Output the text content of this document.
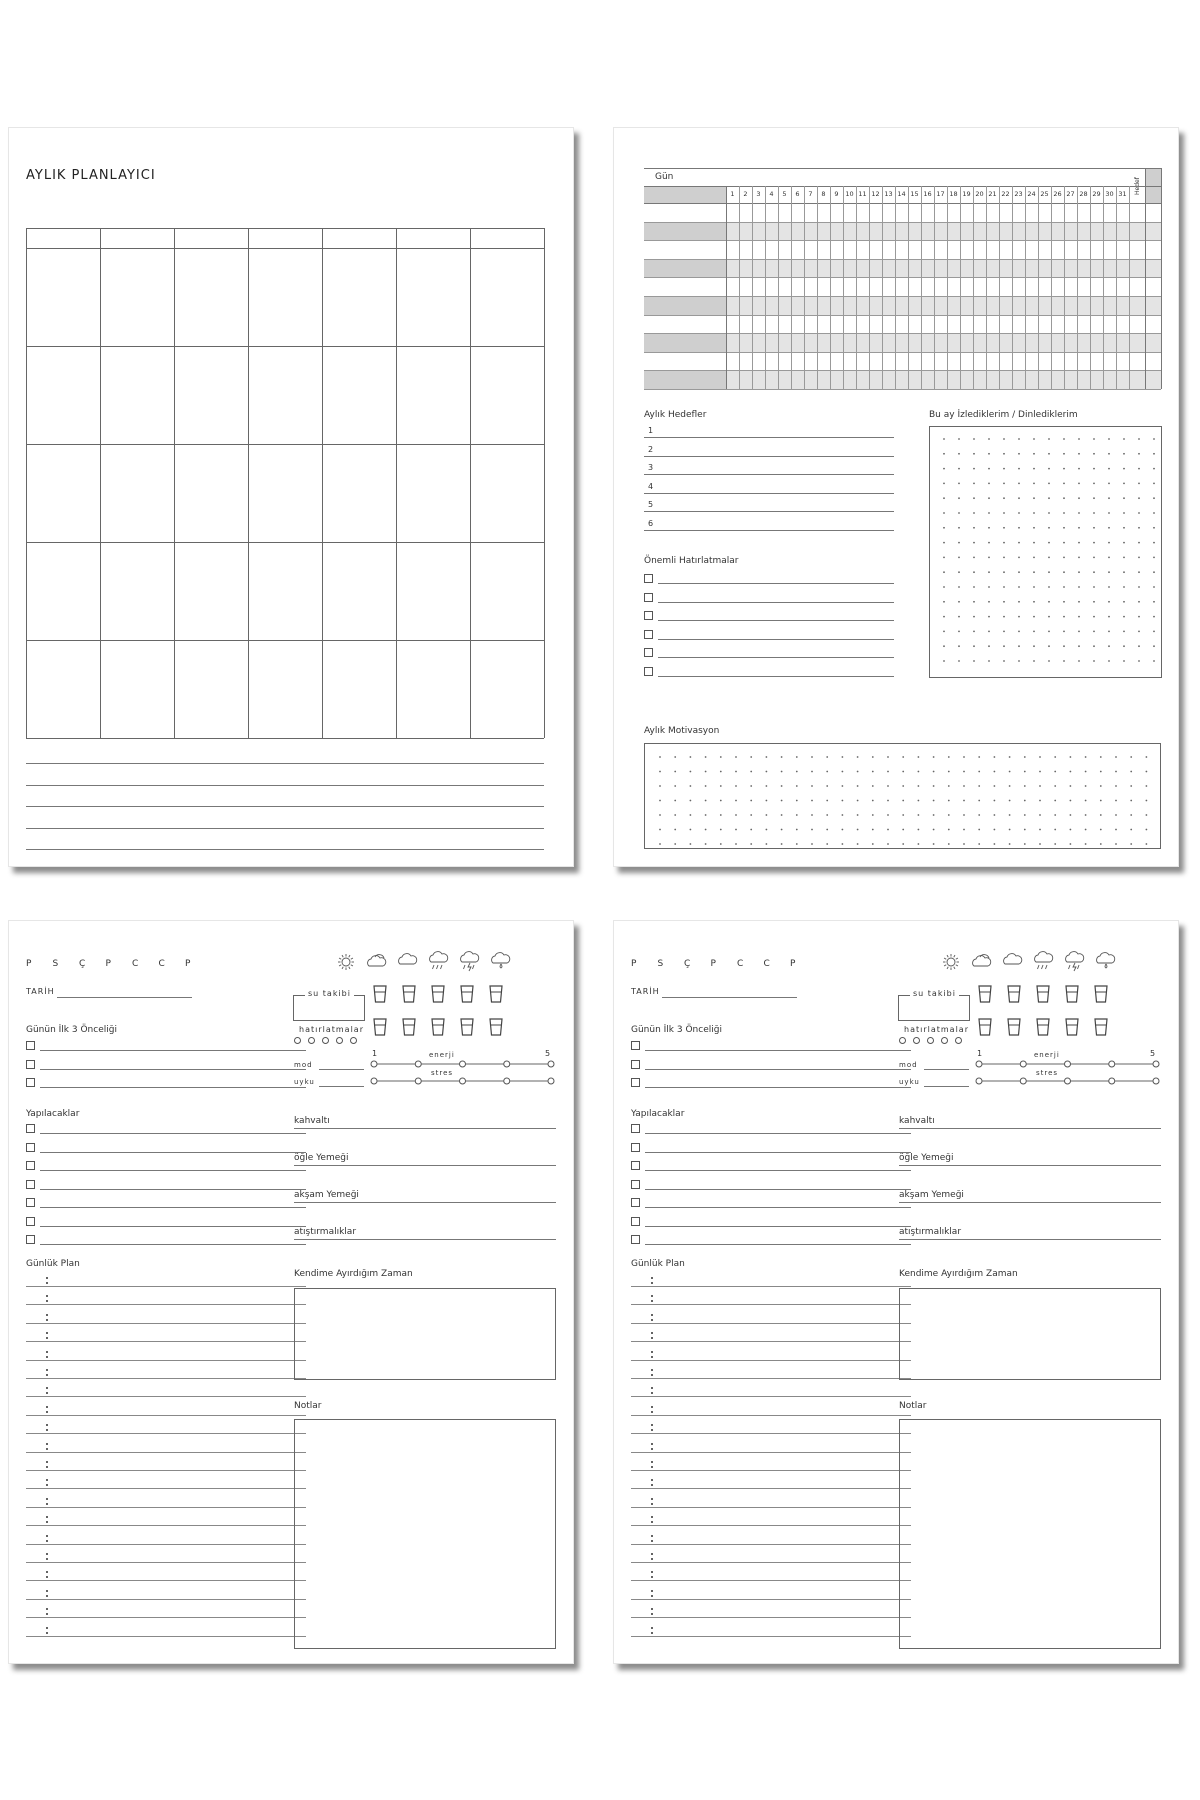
AYLIK PLANLAYICI	Gün
1	2	3	4	5	6	7	8	9	10 11 12 13 14 15 16 17 18 19 20 21 22 23 24 25 26 27 28 29 30 31
Aylık Hedefler
1
2
3
4
5
6
Bu ay İzlediklerim / Dinlediklerim
Önemli Hatırlatmalar
Aylık Motivasyon
P S Ç P C C P
TARİH
Günün İlk 3 Önceliği
Yapılacaklar
Günlük Plan
su takibi
hatırlatmalar
1	enerji	5
mod
stres
uyku
kahvaltı
öğle Yemeği
akşam Yemeği
atıştırmalıklar
Kendime Ayırdığım Zaman
Notlar
P S Ç P C C P
TARİH
Günün İlk 3 Önceliği
Yapılacaklar
Günlük Plan
su takibi
hatırlatmalar
1	enerji	5
mod
stres
uyku
kahvaltı
öğle Yemeği
akşam Yemeği
atıştırmalıklar
Kendime Ayırdığım Zaman
Notlar
